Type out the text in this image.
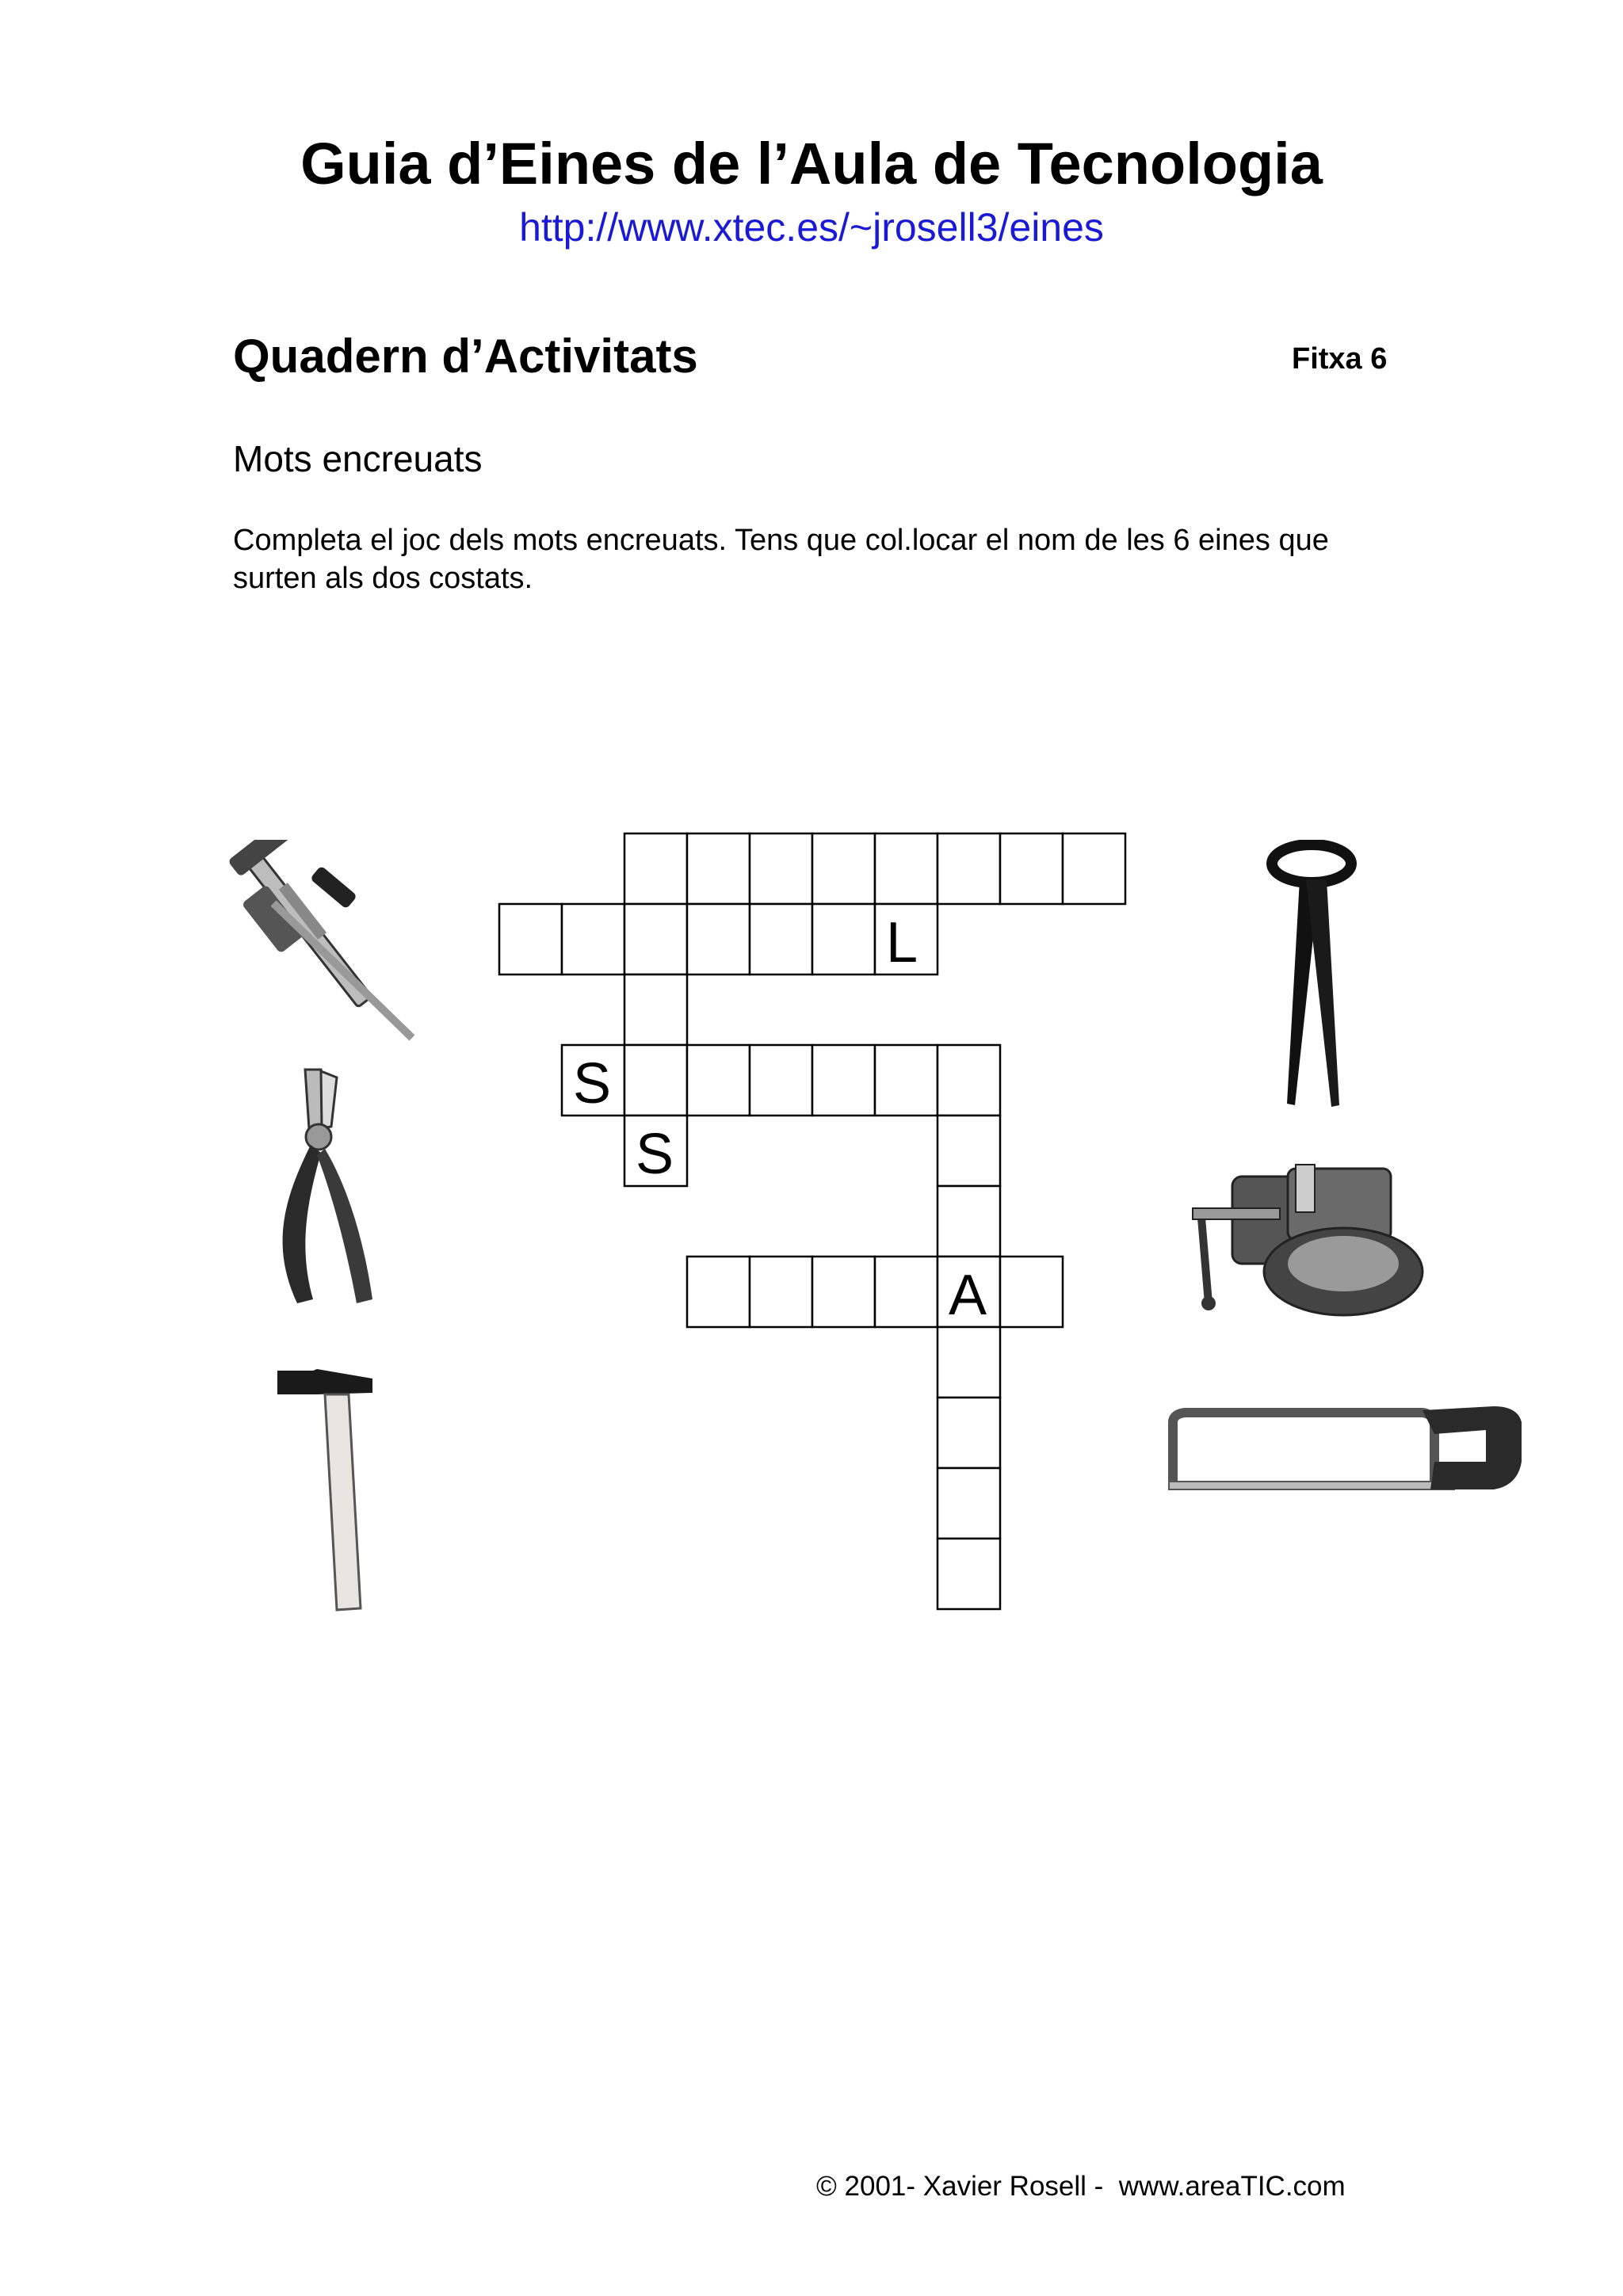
Guia d’Eines de l’Aula de Tecnologia
http://www.xtec.es/~jrosell3/eines
Quadern d’Activitats	Fitxa 6
Mots encreuats
Completa el joc dels mots encreuats. Tens que col.locar el nom de les 6 eines que surten als dos costats.
L
S
S
A
© 2001- Xavier Rosell -  www.areaTIC.com
